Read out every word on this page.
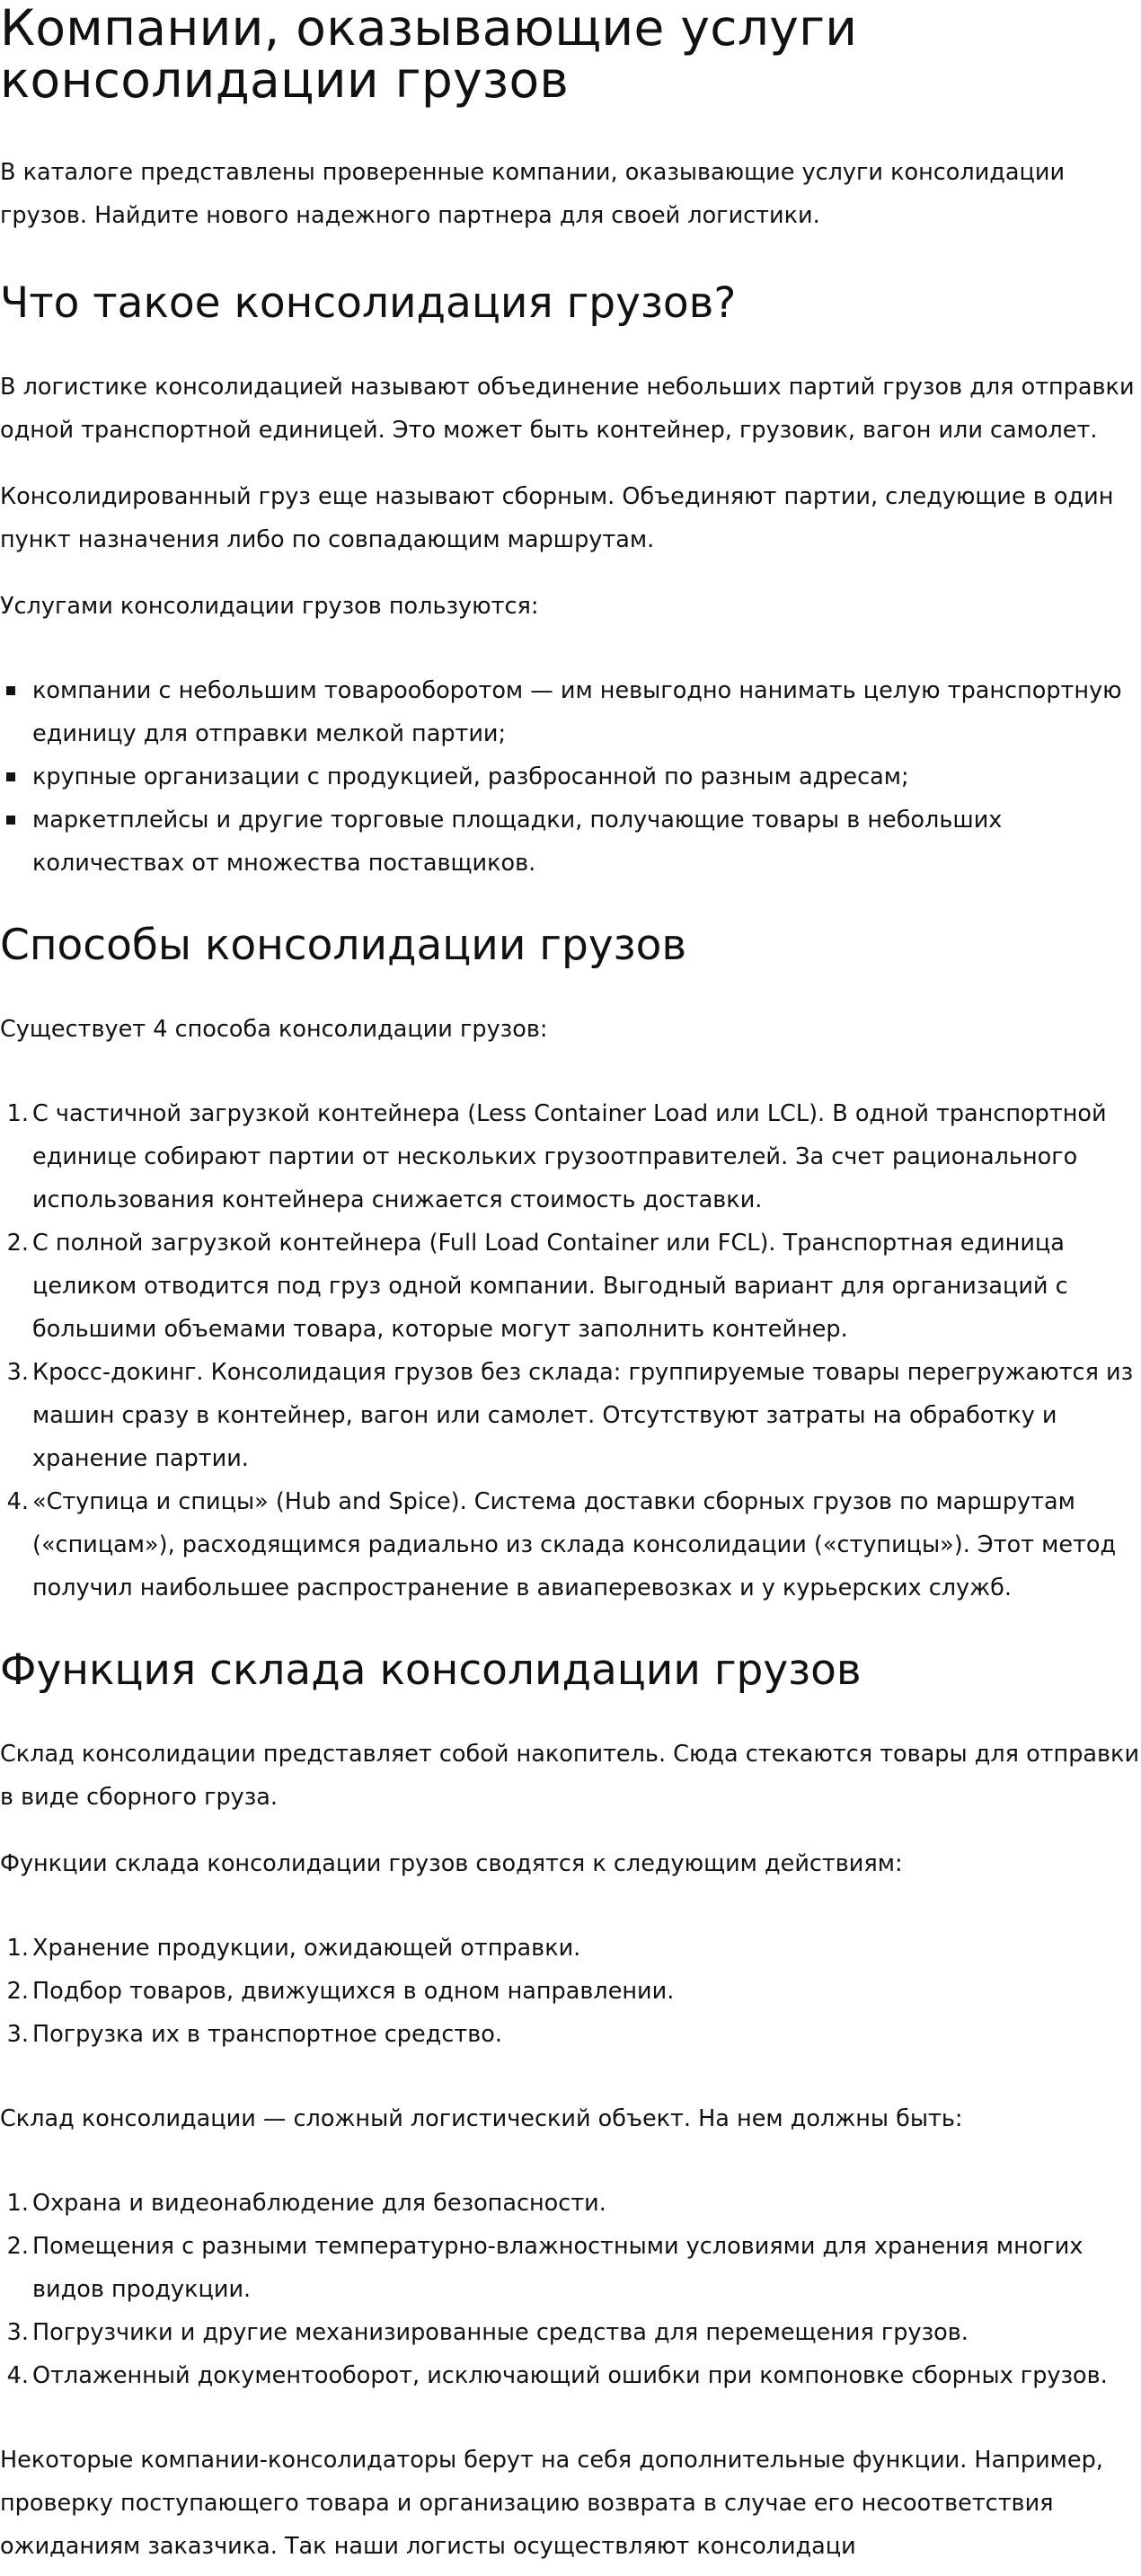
Компании, оказывающие услуги консолидации грузов

В каталоге представлены проверенные компании, оказывающие услуги консолидации грузов. Найдите нового надежного партнера для своей логистики.

Что такое консолидация грузов?

В логистике консолидацией называют объединение небольших партий грузов для отправки одной транспортной единицей. Это может быть контейнер, грузовик, вагон или самолет.

Консолидированный груз еще называют сборным. Объединяют партии, следующие в один пункт назначения либо по совпадающим маршрутам.

Услугами консолидации грузов пользуются:

компании с небольшим товарооборотом — им невыгодно нанимать целую транспортную единицу для отправки мелкой партии;
крупные организации с продукцией, разбросанной по разным адресам;
маркетплейсы и другие торговые площадки, получающие товары в небольших количествах от множества поставщиков.
Способы консолидации грузов

Существует 4 способа консолидации грузов:

1. С частичной загрузкой контейнера (Less Container Load или LCL). В одной транспортной единице собирают партии от нескольких грузоотправителей. За счет рационального использования контейнера снижается стоимость доставки.
2. С полной загрузкой контейнера (Full Load Container или FCL). Транспортная единица целиком отводится под груз одной компании. Выгодный вариант для организаций с большими объемами товара, которые могут заполнить контейнер.
3. Кросс-докинг. Консолидация грузов без склада: группируемые товары перегружаются из машин сразу в контейнер, вагон или самолет. Отсутствуют затраты на обработку и хранение партии.
4. «Ступица и спицы» (Hub and Spice). Система доставки сборных грузов по маршрутам («спицам»), расходящимся радиально из склада консолидации («ступицы»). Этот метод получил наибольшее распространение в авиаперевозках и у курьерских служб.
Функция склада консолидации грузов

Склад консолидации представляет собой накопитель. Сюда стекаются товары для отправки в виде сборного груза.

Функции склада консолидации грузов сводятся к следующим действиям:

1. Хранение продукции, ожидающей отправки.
2. Подбор товаров, движущихся в одном направлении.
3. Погрузка их в транспортное средство.

Склад консолидации — сложный логистический объект. На нем должны быть:

1. Охрана и видеонаблюдение для безопасности.
2. Помещения с разными температурно-влажностными условиями для хранения многих видов продукции.
3. Погрузчики и другие механизированные средства для перемещения грузов.
4. Отлаженный документооборот, исключающий ошибки при компоновке сборных грузов.

Некоторые компании-консолидаторы берут на себя дополнительные функции. Например, проверку поступающего товара и организацию возврата в случае его несоответствия ожиданиям заказчика. Так наши логисты осуществляют консолидаци
